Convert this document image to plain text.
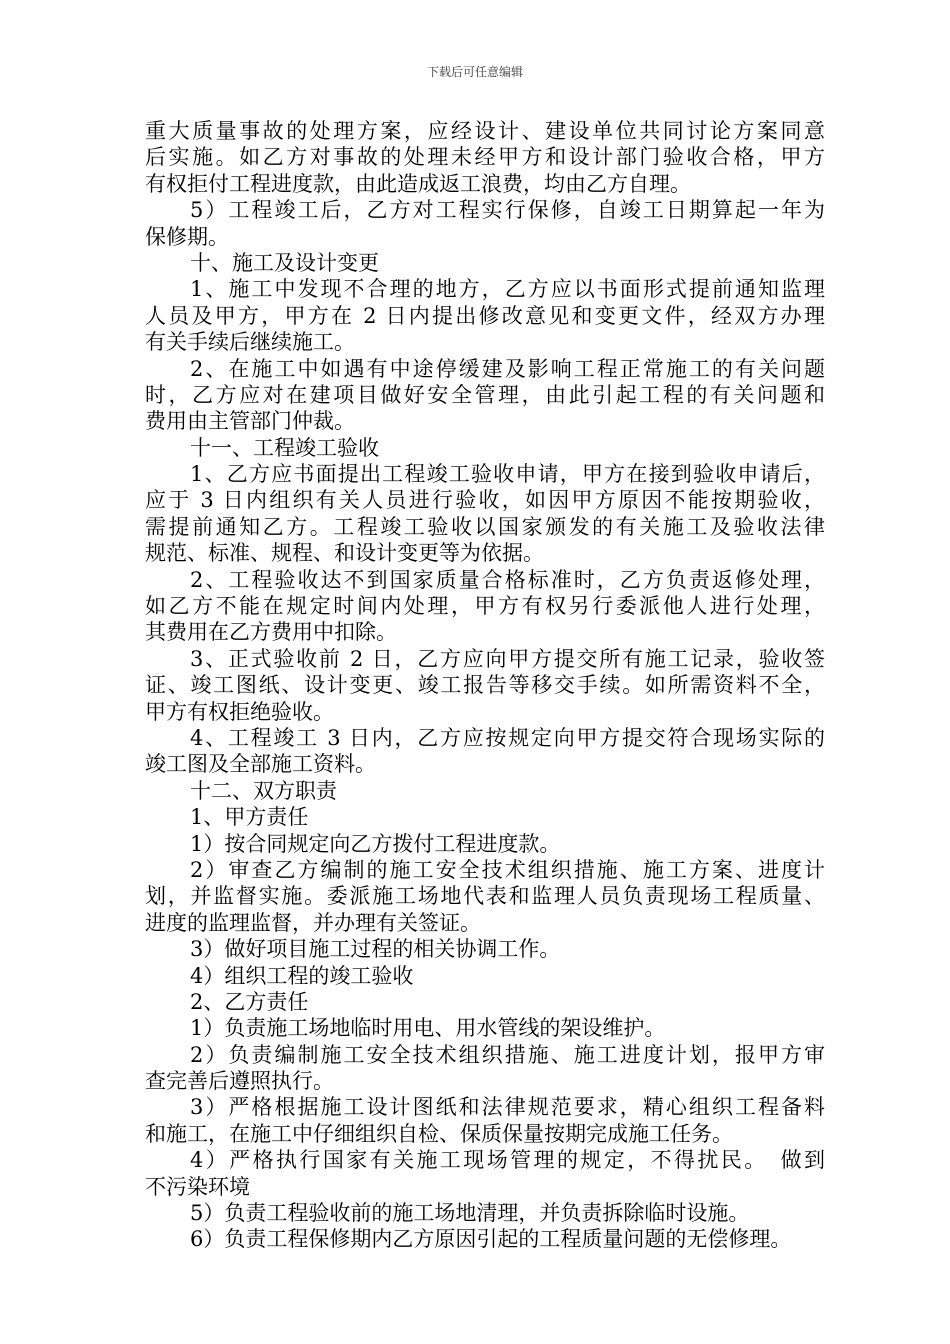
下载后可任意编辑
重大质量事故的处理方案，应经设计、建设单位共同讨论方案同意
后实施。如乙方对事故的处理未经甲方和设计部门验收合格，甲方
有权拒付工程进度款，由此造成返工浪费，均由乙方自理。
5）工程竣工后，乙方对工程实行保修，自竣工日期算起一年为
保修期。
十、施工及设计变更
1、施工中发现不合理的地方，乙方应以书面形式提前通知监理
人员及甲方，甲方在 2 日内提出修改意见和变更文件，经双方办理
有关手续后继续施工。
2、在施工中如遇有中途停缓建及影响工程正常施工的有关问题
时，乙方应对在建项目做好安全管理，由此引起工程的有关问题和
费用由主管部门仲裁。
十一、工程竣工验收
1、乙方应书面提出工程竣工验收申请，甲方在接到验收申请后，
应于 3 日内组织有关人员进行验收，如因甲方原因不能按期验收，
需提前通知乙方。工程竣工验收以国家颁发的有关施工及验收法律
规范、标准、规程、和设计变更等为依据。
2、工程验收达不到国家质量合格标准时，乙方负责返修处理，
如乙方不能在规定时间内处理，甲方有权另行委派他人进行处理，
其费用在乙方费用中扣除。
3、正式验收前 2 日，乙方应向甲方提交所有施工记录，验收签
证、竣工图纸、设计变更、竣工报告等移交手续。如所需资料不全，
甲方有权拒绝验收。
4、工程竣工 3 日内，乙方应按规定向甲方提交符合现场实际的
竣工图及全部施工资料。
十二、双方职责
1、甲方责任
1）按合同规定向乙方拨付工程进度款。
2）审查乙方编制的施工安全技术组织措施、施工方案、进度计
划，并监督实施。委派施工场地代表和监理人员负责现场工程质量、
进度的监理监督，并办理有关签证。
3）做好项目施工过程的相关协调工作。
4）组织工程的竣工验收
2、乙方责任
1）负责施工场地临时用电、用水管线的架设维护。
2）负责编制施工安全技术组织措施、施工进度计划，报甲方审
查完善后遵照执行。
3）严格根据施工设计图纸和法律规范要求，精心组织工程备料
和施工，在施工中仔细组织自检、保质保量按期完成施工任务。
4）严格执行国家有关施工现场管理的规定，不得扰民。　做到
不污染环境
5）负责工程验收前的施工场地清理，并负责拆除临时设施。
6）负责工程保修期内乙方原因引起的工程质量问题的无偿修理。
